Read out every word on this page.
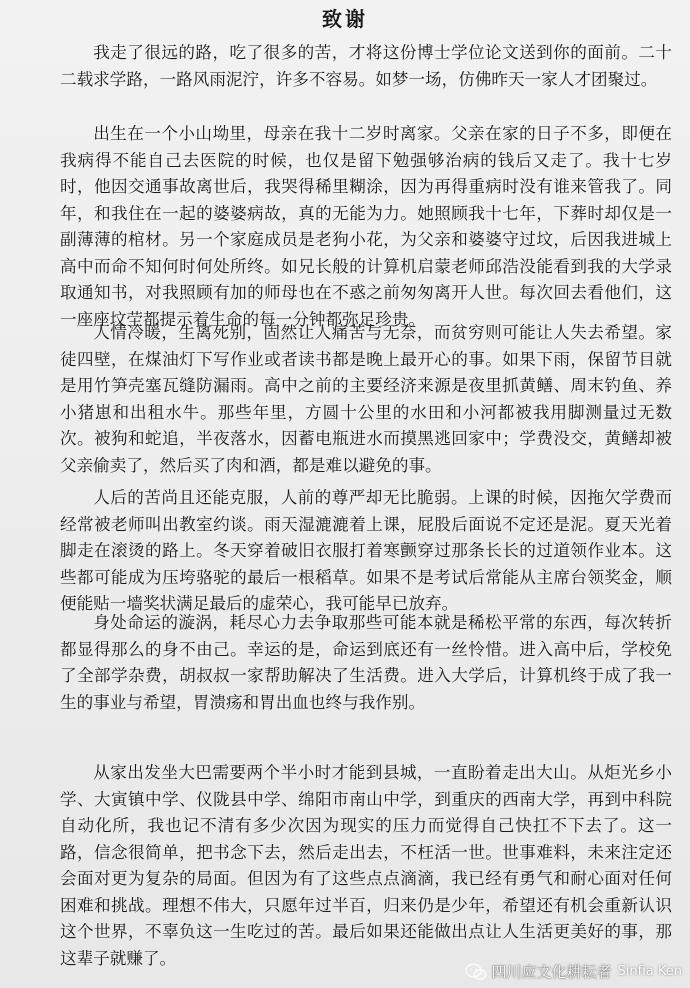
致谢

我走了很远的路，吃了很多的苦，才将这份博士学位论文送到你的面前。二十二载求学路，一路风雨泥泞，许多不容易。如梦一场，仿佛昨天一家人才团聚过。

出生在一个小山坳里，母亲在我十二岁时离家。父亲在家的日子不多，即便在我病得不能自己去医院的时候，也仅是留下勉强够治病的钱后又走了。我十七岁时，他因交通事故离世后，我哭得稀里糊涂，因为再得重病时没有谁来管我了。同年，和我住在一起的婆婆病故，真的无能为力。她照顾我十七年，下葬时却仅是一副薄薄的棺材。另一个家庭成员是老狗小花，为父亲和婆婆守过坟，后因我进城上高中而命不知何时何处所终。如兄长般的计算机启蒙老师邱浩没能看到我的大学录取通知书，对我照顾有加的师母也在不惑之前匆匆离开人世。每次回去看他们，这一座座坟茔都提示着生命的每一分钟都弥足珍贵。

人情冷暖，生离死别，固然让人痛苦与无奈，而贫穷则可能让人失去希望。家徒四壁，在煤油灯下写作业或者读书都是晚上最开心的事。如果下雨，保留节目就是用竹笋壳塞瓦缝防漏雨。高中之前的主要经济来源是夜里抓黄鳝、周末钓鱼、养小猪崽和出租水牛。那些年里，方圆十公里的水田和小河都被我用脚测量过无数次。被狗和蛇追，半夜落水，因蓄电瓶进水而摸黑逃回家中；学费没交，黄鳝却被父亲偷卖了，然后买了肉和酒，都是难以避免的事。

人后的苦尚且还能克服，人前的尊严却无比脆弱。上课的时候，因拖欠学费而经常被老师叫出教室约谈。雨天湿漉漉着上课，屁股后面说不定还是泥。夏天光着脚走在滚烫的路上。冬天穿着破旧衣服打着寒颤穿过那条长长的过道领作业本。这些都可能成为压垮骆驼的最后一根稻草。如果不是考试后常能从主席台领奖金，顺便能贴一墙奖状满足最后的虚荣心，我可能早已放弃。

身处命运的漩涡，耗尽心力去争取那些可能本就是稀松平常的东西，每次转折都显得那么的身不由己。幸运的是，命运到底还有一丝怜惜。进入高中后，学校免了全部学杂费，胡叔叔一家帮助解决了生活费。进入大学后，计算机终于成了我一生的事业与希望，胃溃疡和胃出血也终与我作别。

从家出发坐大巴需要两个半小时才能到县城，一直盼着走出大山。从炬光乡小学、大寅镇中学、仪陇县中学、绵阳市南山中学，到重庆的西南大学，再到中科院自动化所，我也记不清有多少次因为现实的压力而觉得自己快扛不下去了。这一路，信念很简单，把书念下去，然后走出去，不枉活一世。世事难料，未来注定还会面对更为复杂的局面。但因为有了这些点点滴滴，我已经有勇气和耐心面对任何困难和挑战。理想不伟大，只愿年过半百，归来仍是少年，希望还有机会重新认识这个世界，不辜负这一生吃过的苦。最后如果还能做出点让人生活更美好的事，那这辈子就赚了。

四川应文化耕耘者 Sinfia Ken
